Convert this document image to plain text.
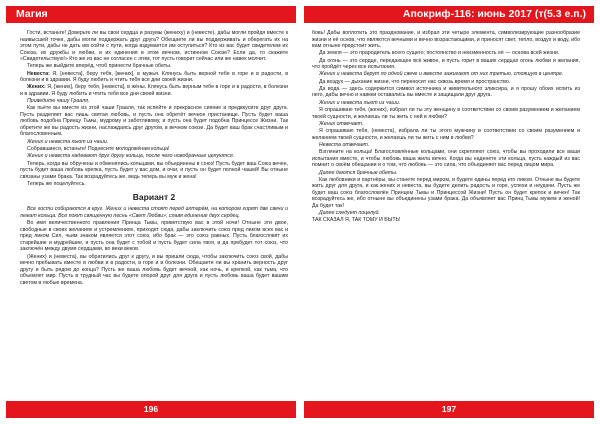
Магия

Гости, встаньте! Доверьте ли вы свои сердца и разумы (жениху) и (невесте), дабы могли пройдя вместе к наивысшей точке, дабы могли поддержать друг друга? Обещаете ли вы поддерживать и оберегать их на этом пути, дабы не дать им сойти с пути, когда вздумается им оступиться? Кто из вас будет свидетелем их Союза, их дружбы и любви, и их единения в этом вечном, истинном Союзе? Если да, то скажите «Свидетельствую!» Кто же из вас не согласен с этим, тот пусть говорит сейчас или же навек молчит.

Теперь же выйдите вперёд, чтоб принести брачные обеты.

Невеста: Я, [невеста], беру тебя, [жених], в мужья. Клянусь быть верной тебе в горе и в радости, в болезни и в здравии. Я буду любить и чтить тебя все дни своей жизни.

Жених: Я, [жених], беру тебя, [невеста], в жёны. Клянусь быть верным тебе в горе и в радости, в болезни и в здравии. Я буду любить и чтить тебя все дни своей жизни.

Приведите чашу Грааля.

Как пьёте вы вместе из этой чаши Грааля, так испейте и прекрасное сияние и предвкусите друг друга. Пусть разделяет вас лишь святая любовь, и пусть она обретёт вечное пристанище. Пусть будет ваша любовь подобна Принцу Тьмы, мудрому и заботливому, и пусть она будет подобна Принцессе Жизни. Так обретите же вы радость жизни, наслаждаясь друг другом, в вечном союзе. Да будет ваш брак счастливым и благословенным.

Жених и невеста пьют из чаши.

Собравшиеся, встаньте! Поднесите молодожёнам кольца!

Жених и невеста надевают друг другу кольца, после чего новобрачные целуются.

Теперь, когда вы обручены и обменялись кольцами, вы объединены в союз! Пусть будет ваш Союз вечен, пусть будет ваша любовь крепка, пусть будет у вас дом, и очаг, и пусть он будет полной чашей! Вы отныне связаны узами брака. Так возрадуйтесь же, ведь теперь вы муж и жена!

Теперь же поцелуйтесь.

Вариант 2

Все гости собираются в круг. Жених и невеста стоят перед алтарём, на котором горят две свечи и лежат кольца. Все поют священную песнь «Свет Любви», славя единение двух сердец.

Во имя величественного правления Принца Тьмы, приветствую вас в этой ночи! Отныне эти двое, свободные в своих желаниях и устремлениях, приходят сюда, дабы заключить союз пред ликом всех вас и пред ликом Сил, чьим знаком является этот союз, ибо брак — это союз равных. Пусть благословят их старейшие и мудрейшие, и пусть она будет с тобой и пусть будет сила твоя, и да пребудет тот союз, что заключён между двумя сердцами, во веки веков.

(Жених) и (невеста), вы обратились друг к другу, и вы пришли сюда, чтобы заключить союз свой, дабы вечно пребывать вместе в любви и в радости, в горе и в болезни. Обещаете ли вы хранить верность друг другу и быть рядом до конца? Пусть же ваша любовь будет вечной, как ночь, и крепкой, как тьма, что объемлет мир. Пусть в трудный час вы будете опорой друг для друга и пусть любовь ваша будет вашим светом в любые времена.

196
Апокриф-116: июнь 2017 (т(5.3 е.п.)

бовь! Дабы воплотить это празднование, и избрал эти четыре элемента, символизирующие разнообразие жизни и её основ, что являются вечными и вечно возрастающими, и приносят свет, тепло, воздух и воду, ибо вам отныне предстоит жить.

Да земля — это прародитель всего сущего; постоянство и неизменность её — основа всей жизни.

Да огонь — это сердце, передающее всё живое, и пусть горит в ваших сердцах огонь любви и желания, что пройдёт через все испытания.

Жених и невеста берут по одной свече и вместе зажигают от них третью, стоящую в центре.

Да воздух — дыхание жизни, что переносит нас сквозь время и пространство.

Да вода — здесь содержится символ источника и живительного эликсира, и я прошу обоих испить из него, дабы вечно и навеки оставались вы вместе и защищали друг друга.

Жених и невеста пьют из чаши.

Я спрашиваю тебя, (жених), избрал ли ты эту женщину в соответствии со своим разумением и желанием твоей сущности, и желаешь ли ты жить с ней в любви?

Жених отвечает.

Я спрашиваю тебя, (невеста), избрала ли ты этого мужчину в соответствии со своим разумением и желанием твоей сущности, и желаешь ли ты жить с ним в любви?

Невеста отвечает.

Взгляните на кольца! Благословлённые кольцами, они скрепляют союз, чтобы вы проходили все ваши испытания вместе, и чтобы любовь ваша жила вечно. Когда вы наденете эти кольца, пусть каждый из вас помнит о своём обещании и о том, что любовь — это сила, что объединяет вас перед лицом мира.

Далее даются брачные обеты.

Как любовники и партнёры, вы станете перед миром, и будете едины перед его ликом. Отныне вы будете жить друг для друга, и как жених и невеста, вы будете делить радость и горе, успехи и неудачи. Пусть же будет ваш союз благословлён Принцем Тьмы и Принцессой Жизни! Пусть он будет крепок и вечен! Так возрадуйтесь же, ибо отныне вы объединены узами брака. Да объявляет вас Принц Тьмы мужем и женой! Да будет так!

Далее следует поцелуй.

ТАК СКАЗАЛ Я, ТАК ТОМУ И БЫТЬ!

197
